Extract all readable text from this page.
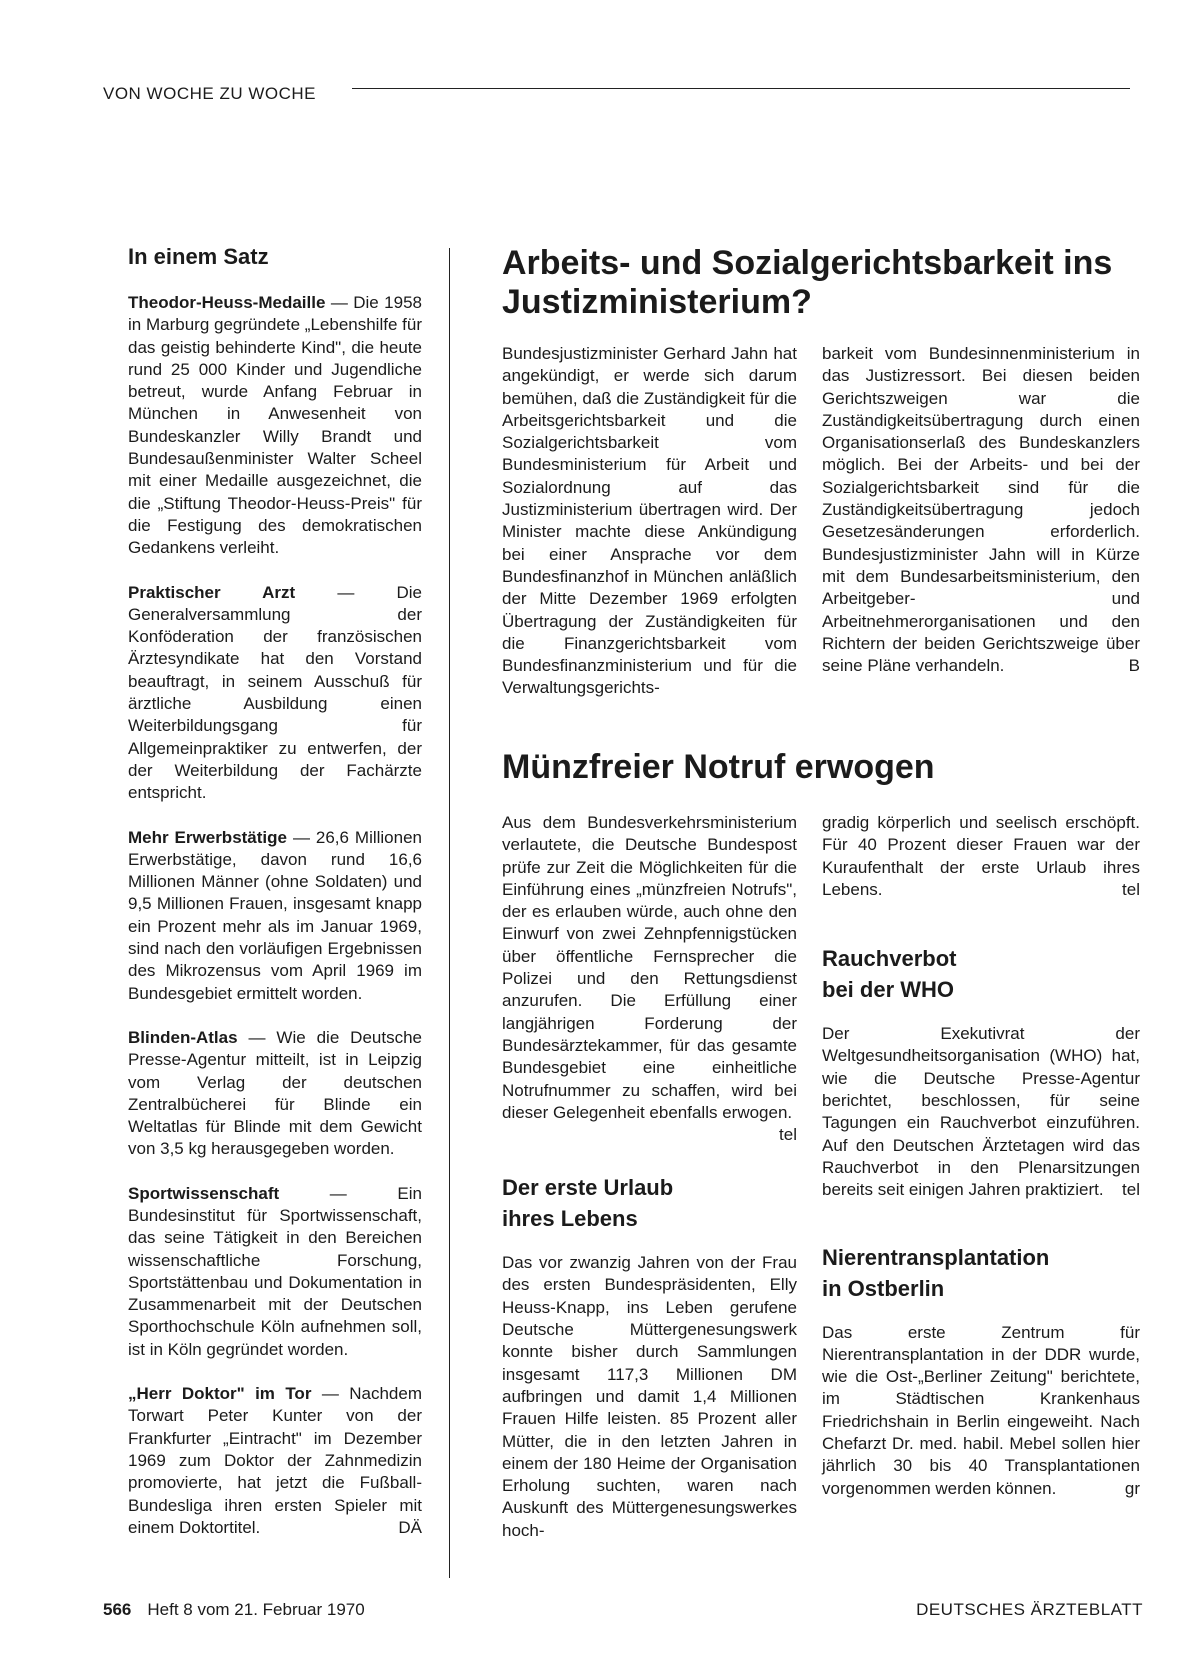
VON WOCHE ZU WOCHE
In einem Satz

Theodor-Heuss-Medaille — Die 1958 in Marburg gegründete „Lebenshilfe für das geistig behinderte Kind", die heute rund 25 000 Kinder und Jugendliche betreut, wurde Anfang Februar in München in Anwesenheit von Bundeskanzler Willy Brandt und Bundesaußenminister Walter Scheel mit einer Medaille ausgezeichnet, die die „Stiftung Theodor-Heuss-Preis" für die Festigung des demokratischen Gedankens verleiht.

Praktischer Arzt — Die Generalversammlung der Konföderation der französischen Ärztesyndikate hat den Vorstand beauftragt, in seinem Ausschuß für ärztliche Ausbildung einen Weiterbildungsgang für Allgemeinpraktiker zu entwerfen, der der Weiterbildung der Fachärzte entspricht.

Mehr Erwerbstätige — 26,6 Millionen Erwerbstätige, davon rund 16,6 Millionen Männer (ohne Soldaten) und 9,5 Millionen Frauen, insgesamt knapp ein Prozent mehr als im Januar 1969, sind nach den vorläufigen Ergebnissen des Mikrozensus vom April 1969 im Bundesgebiet ermittelt worden.

Blinden-Atlas — Wie die Deutsche Presse-Agentur mitteilt, ist in Leipzig vom Verlag der deutschen Zentralbücherei für Blinde ein Weltatlas für Blinde mit dem Gewicht von 3,5 kg herausgegeben worden.

Sportwissenschaft	— Ein Bundesinstitut für Sportwissenschaft, das seine Tätigkeit in den Bereichen wissenschaftliche Forschung, Sportstättenbau und Dokumentation in Zusammenarbeit mit der Deutschen Sporthochschule Köln aufnehmen soll, ist in Köln gegründet worden.

„Herr Doktor" im Tor — Nachdem Torwart Peter Kunter von der Frankfurter „Eintracht" im Dezember 1969 zum Doktor der Zahnmedizin promovierte, hat jetzt die Fußball-Bundesliga ihren ersten Spieler mit einem Doktortitel.	DÄ

Arbeits- und Sozialgerichtsbarkeit ins Justizministerium?

Bundesjustizminister Gerhard Jahn hat angekündigt, er werde sich darum bemühen, daß die Zuständigkeit für die Arbeitsgerichtsbarkeit und die Sozialgerichtsbarkeit vom Bundesministerium für Arbeit und Sozialordnung auf das Justizministerium übertragen wird. Der Minister machte diese Ankündigung bei einer Ansprache vor dem Bundesfinanzhof in München anläßlich der Mitte Dezember 1969 erfolgten Übertragung der Zuständigkeiten für die Finanzgerichtsbarkeit vom Bundesfinanzministerium und für die Verwaltungsgerichts-

barkeit vom Bundesinnenministerium in das Justizressort. Bei diesen beiden Gerichtszweigen war die Zuständigkeitsübertragung durch einen Organisationserlaß des Bundeskanzlers möglich. Bei der Arbeits- und bei der Sozialgerichtsbarkeit sind für die Zuständigkeitsübertragung jedoch Gesetzesänderungen erforderlich. Bundesjustizminister Jahn will in Kürze mit dem Bundesarbeitsministerium, den Arbeitgeber- und Arbeitnehmerorganisationen und den Richtern der beiden Gerichtszweige über seine Pläne verhandeln.	B

Münzfreier Notruf erwogen

Aus dem Bundesverkehrsministerium verlautete, die Deutsche Bundespost prüfe zur Zeit die Möglichkeiten für die Einführung eines „münzfreien Notrufs", der es erlauben würde, auch ohne den Einwurf von zwei Zehnpfennigstücken über öffentliche Fernsprecher die Polizei und den Rettungsdienst anzurufen. Die Erfüllung einer langjährigen Forderung der Bundesärztekammer, für das gesamte Bundesgebiet eine einheitliche Notrufnummer zu schaffen, wird bei dieser Gelegenheit ebenfalls erwogen.
tel

Der erste Urlaub
ihres Lebens

Das vor zwanzig Jahren von der Frau des ersten Bundespräsidenten, Elly Heuss-Knapp, ins Leben gerufene Deutsche Müttergenesungswerk konnte bisher durch Sammlungen insgesamt 117,3 Millionen DM aufbringen und damit 1,4 Millionen Frauen Hilfe leisten. 85 Prozent aller Mütter, die in den letzten Jahren in einem der 180 Heime der Organisation Erholung suchten, waren nach Auskunft des Müttergenesungswerkes hoch-

gradig körperlich und seelisch erschöpft. Für 40 Prozent dieser Frauen war der Kuraufenthalt der erste Urlaub ihres Lebens.	tel

Rauchverbot
bei der WHO

Der Exekutivrat der Weltgesundheitsorganisation (WHO) hat, wie die Deutsche Presse-Agentur berichtet, beschlossen, für seine Tagungen ein Rauchverbot einzuführen. Auf den Deutschen Ärztetagen wird das Rauchverbot in den Plenarsitzungen bereits seit einigen Jahren praktiziert. tel

Nierentransplantation
in Ostberlin

Das erste Zentrum für Nierentransplantation in der DDR wurde, wie die Ost-„Berliner Zeitung" berichtete, im Städtischen Krankenhaus Friedrichshain in Berlin eingeweiht. Nach Chefarzt Dr. med. habil. Mebel sollen hier jährlich 30 bis 40 Transplantationen vorgenommen werden können.	gr

566 Heft 8 vom 21. Februar 1970	DEUTSCHES ÄRZTEBLATT
